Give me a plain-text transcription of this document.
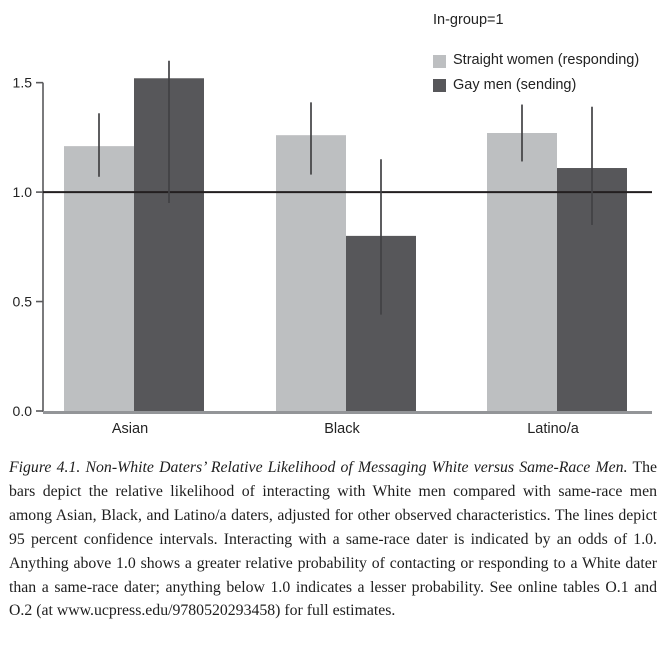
0.0
0.5
1.0
1.5
Asian	Black	Latino/a
In-group=1
Straight women (responding)
Gay men (sending)

Figure 4.1. Non-White Daters’ Relative Likelihood of Messaging White versus Same-Race Men. The bars depict the relative likelihood of interacting with White men compared with same-race men among Asian, Black, and Latino/a daters, adjusted for other observed characteristics. The lines depict 95 percent confidence intervals. Interacting with a same-race dater is indicated by an odds of 1.0. Anything above 1.0 shows a greater relative probability of contacting or responding to a White dater than a same-race dater; anything below 1.0 indicates a lesser probability. See online tables O.1 and O.2 (at www.ucpress.edu/9780520293458) for full estimates.
